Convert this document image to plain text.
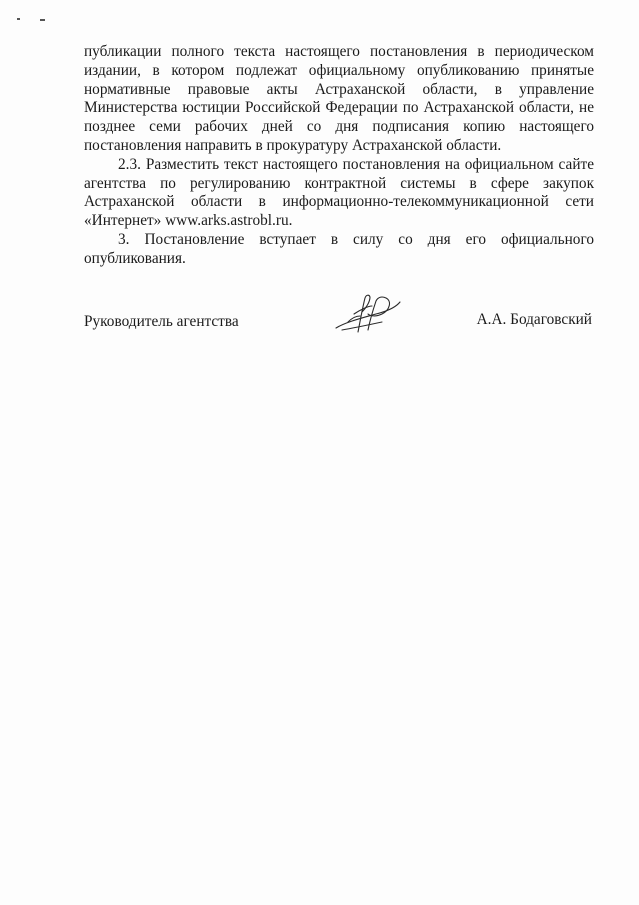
публикации полного текста настоящего постановления в периодическом издании, в котором подлежат официальному опубликованию принятые нормативные правовые акты Астраханской области, в управление Министерства юстиции Российской Федерации по Астраханской области, не позднее семи рабочих дней со дня подписания копию настоящего постановления направить в прокуратуру Астраханской области.

2.3. Разместить текст настоящего постановления на официальном сайте агентства по регулированию контрактной системы в сфере закупок Астраханской области в информационно-телекоммуникационной сети «Интернет» www.arks.astrobl.ru.

3. Постановление вступает в силу со дня его официального опубликования.

Руководитель агентства	А.А. Бодаговский
